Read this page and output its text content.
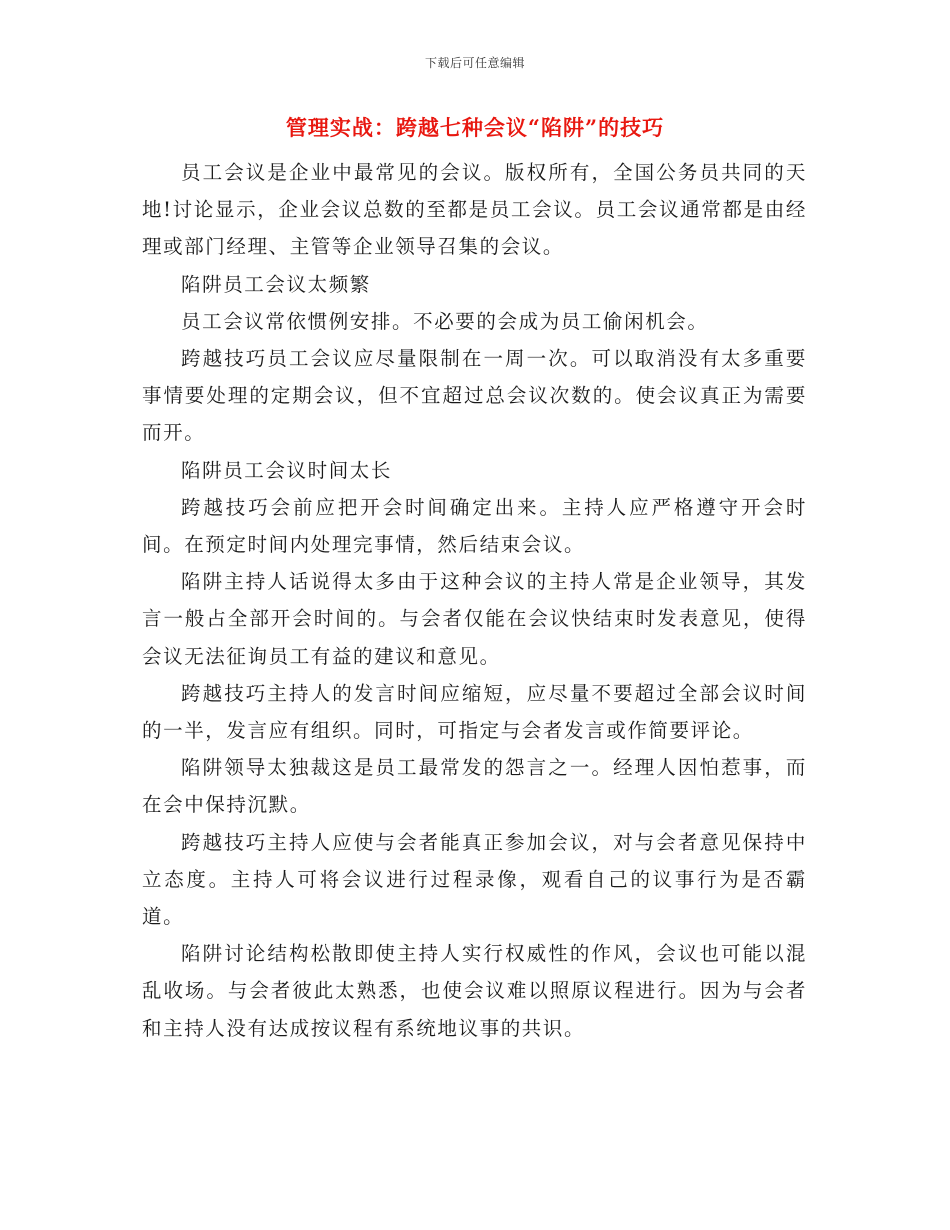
下载后可任意编辑
管理实战：跨越七种会议“陷阱”的技巧

员工会议是企业中最常见的会议。版权所有，全国公务员共同的天地!讨论显示，企业会议总数的至都是员工会议。员工会议通常都是由经理或部门经理、主管等企业领导召集的会议。

陷阱员工会议太频繁

员工会议常依惯例安排。不必要的会成为员工偷闲机会。

跨越技巧员工会议应尽量限制在一周一次。可以取消没有太多重要事情要处理的定期会议，但不宜超过总会议次数的。使会议真正为需要而开。

陷阱员工会议时间太长

跨越技巧会前应把开会时间确定出来。主持人应严格遵守开会时间。在预定时间内处理完事情，然后结束会议。

陷阱主持人话说得太多由于这种会议的主持人常是企业领导，其发言一般占全部开会时间的。与会者仅能在会议快结束时发表意见，使得会议无法征询员工有益的建议和意见。

跨越技巧主持人的发言时间应缩短，应尽量不要超过全部会议时间的一半，发言应有组织。同时，可指定与会者发言或作简要评论。

陷阱领导太独裁这是员工最常发的怨言之一。经理人因怕惹事，而在会中保持沉默。

跨越技巧主持人应使与会者能真正参加会议，对与会者意见保持中立态度。主持人可将会议进行过程录像，观看自己的议事行为是否霸道。

陷阱讨论结构松散即使主持人实行权威性的作风，会议也可能以混乱收场。与会者彼此太熟悉，也使会议难以照原议程进行。因为与会者和主持人没有达成按议程有系统地议事的共识。
